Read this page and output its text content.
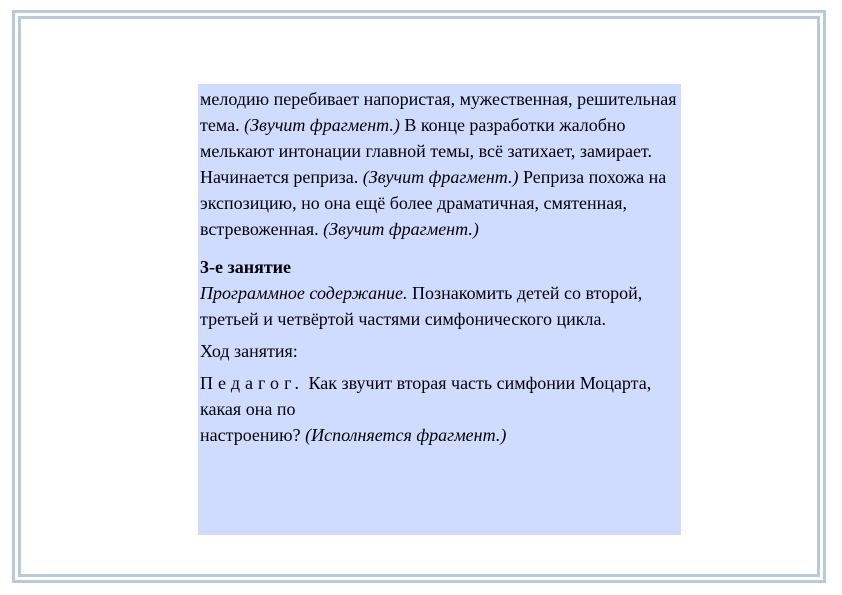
мелодию перебивает напористая, мужественная, решительная тема. (Звучит фрагмент.) В конце разработки жалобно мелькают интонации главной темы, всё затихает, замирает.

Начинается реприза. (Звучит фрагмент.) Реприза похожа на экспозицию, но она ещё более драматичная, смятенная, встревоженная. (Звучит фрагмент.)

3-е занятие

Программное содержание. Познакомить детей со второй, третьей и четвёртой частями симфонического цикла.

Ход занятия:

Педагог. Как звучит вторая часть симфонии Моцарта, какая она по
настроению? (Исполняется фрагмент.)
